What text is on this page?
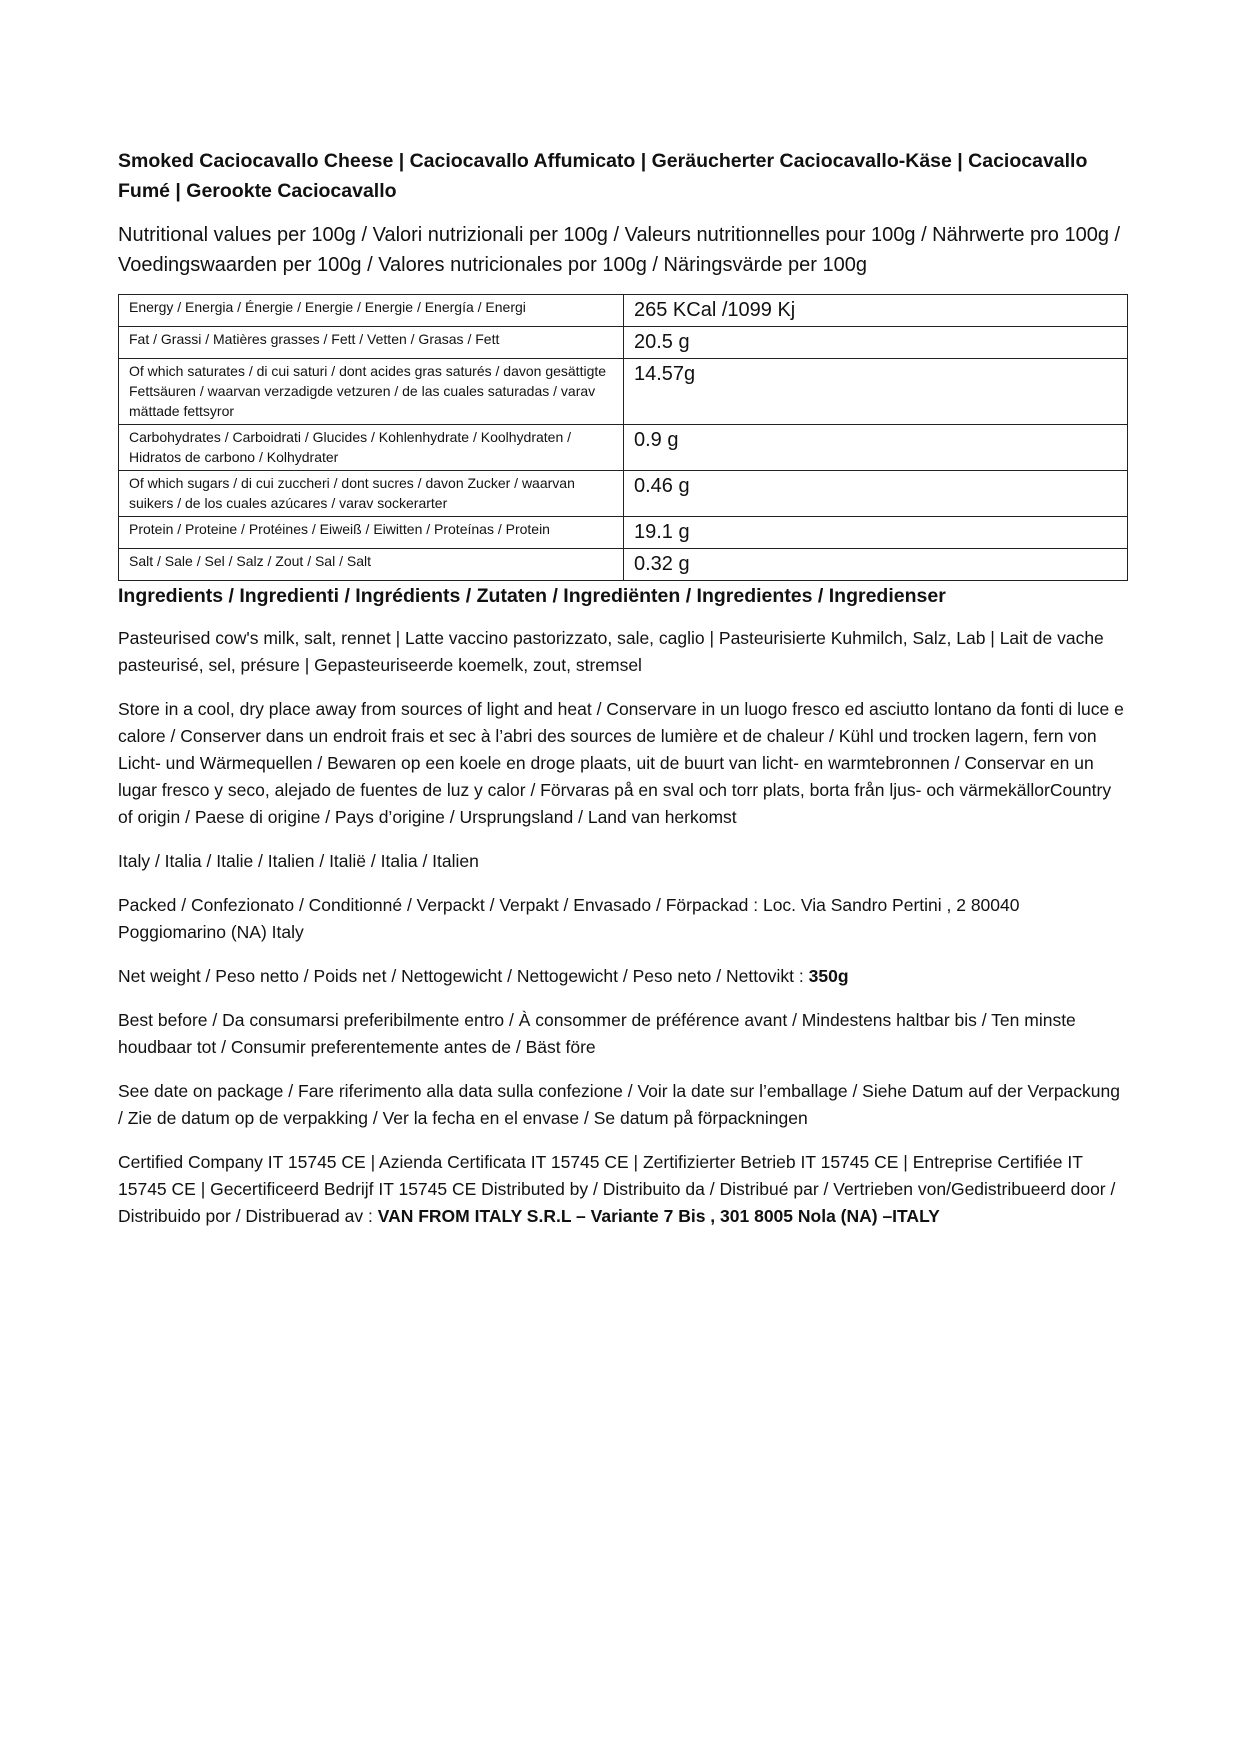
Smoked Caciocavallo Cheese | Caciocavallo Affumicato | Geräucherter Caciocavallo-Käse | Caciocavallo Fumé | Gerookte Caciocavallo

Nutritional values per 100g / Valori nutrizionali per 100g / Valeurs nutritionnelles pour 100g / Nährwerte pro 100g / Voedingswaarden per 100g / Valores nutricionales por 100g / Näringsvärde per 100g

Energy / Energia / Énergie / Energie / Energie / Energía / Energi	265 KCal /1099 Kj
Fat / Grassi / Matières grasses / Fett / Vetten / Grasas / Fett	20.5 g
Of which saturates / di cui saturi / dont acides gras saturés / davon gesättigte Fettsäuren / waarvan verzadigde vetzuren / de las cuales saturadas / varav mättade fettsyror	14.57g
Carbohydrates / Carboidrati / Glucides / Kohlenhydrate / Koolhydraten / Hidratos de carbono / Kolhydrater	0.9 g
Of which sugars / di cui zuccheri / dont sucres / davon Zucker / waarvan suikers / de los cuales azúcares / varav sockerarter	0.46 g
Protein / Proteine / Protéines / Eiweiß / Eiwitten / Proteínas / Protein	19.1 g
Salt / Sale / Sel / Salz / Zout / Sal / Salt	0.32 g

Ingredients / Ingredienti / Ingrédients / Zutaten / Ingrediënten / Ingredientes / Ingredienser

Pasteurised cow's milk, salt, rennet | Latte vaccino pastorizzato, sale, caglio | Pasteurisierte Kuhmilch, Salz, Lab | Lait de vache pasteurisé, sel, présure | Gepasteuriseerde koemelk, zout, stremsel

Store in a cool, dry place away from sources of light and heat / Conservare in un luogo fresco ed asciutto lontano da fonti di luce e calore / Conserver dans un endroit frais et sec à l’abri des sources de lumière et de chaleur / Kühl und trocken lagern, fern von Licht- und Wärmequellen / Bewaren op een koele en droge plaats, uit de buurt van licht- en warmtebronnen / Conservar en un lugar fresco y seco, alejado de fuentes de luz y calor / Förvaras på en sval och torr plats, borta från ljus- och värmekällorCountry of origin / Paese di origine / Pays d’origine / Ursprungsland / Land van herkomst

Italy / Italia / Italie / Italien / Italië / Italia / Italien

Packed / Confezionato / Conditionné / Verpackt / Verpakt / Envasado / Förpackad : Loc. Via Sandro Pertini , 2 80040 Poggiomarino (NA) Italy

Net weight / Peso netto / Poids net / Nettogewicht / Nettogewicht / Peso neto / Nettovikt : 350g

Best before / Da consumarsi preferibilmente entro / À consommer de préférence avant / Mindestens haltbar bis / Ten minste houdbaar tot / Consumir preferentemente antes de / Bäst före

See date on package / Fare riferimento alla data sulla confezione / Voir la date sur l’emballage / Siehe Datum auf der Verpackung / Zie de datum op de verpakking / Ver la fecha en el envase / Se datum på förpackningen

Certified Company IT 15745 CE | Azienda Certificata IT 15745 CE | Zertifizierter Betrieb IT 15745 CE | Entreprise Certifiée IT 15745 CE | Gecertificeerd Bedrijf IT 15745 CE Distributed by / Distribuito da / Distribué par / Vertrieben von/Gedistribueerd door / Distribuido por / Distribuerad av : VAN FROM ITALY S.R.L – Variante 7 Bis , 301 8005 Nola (NA) –ITALY
